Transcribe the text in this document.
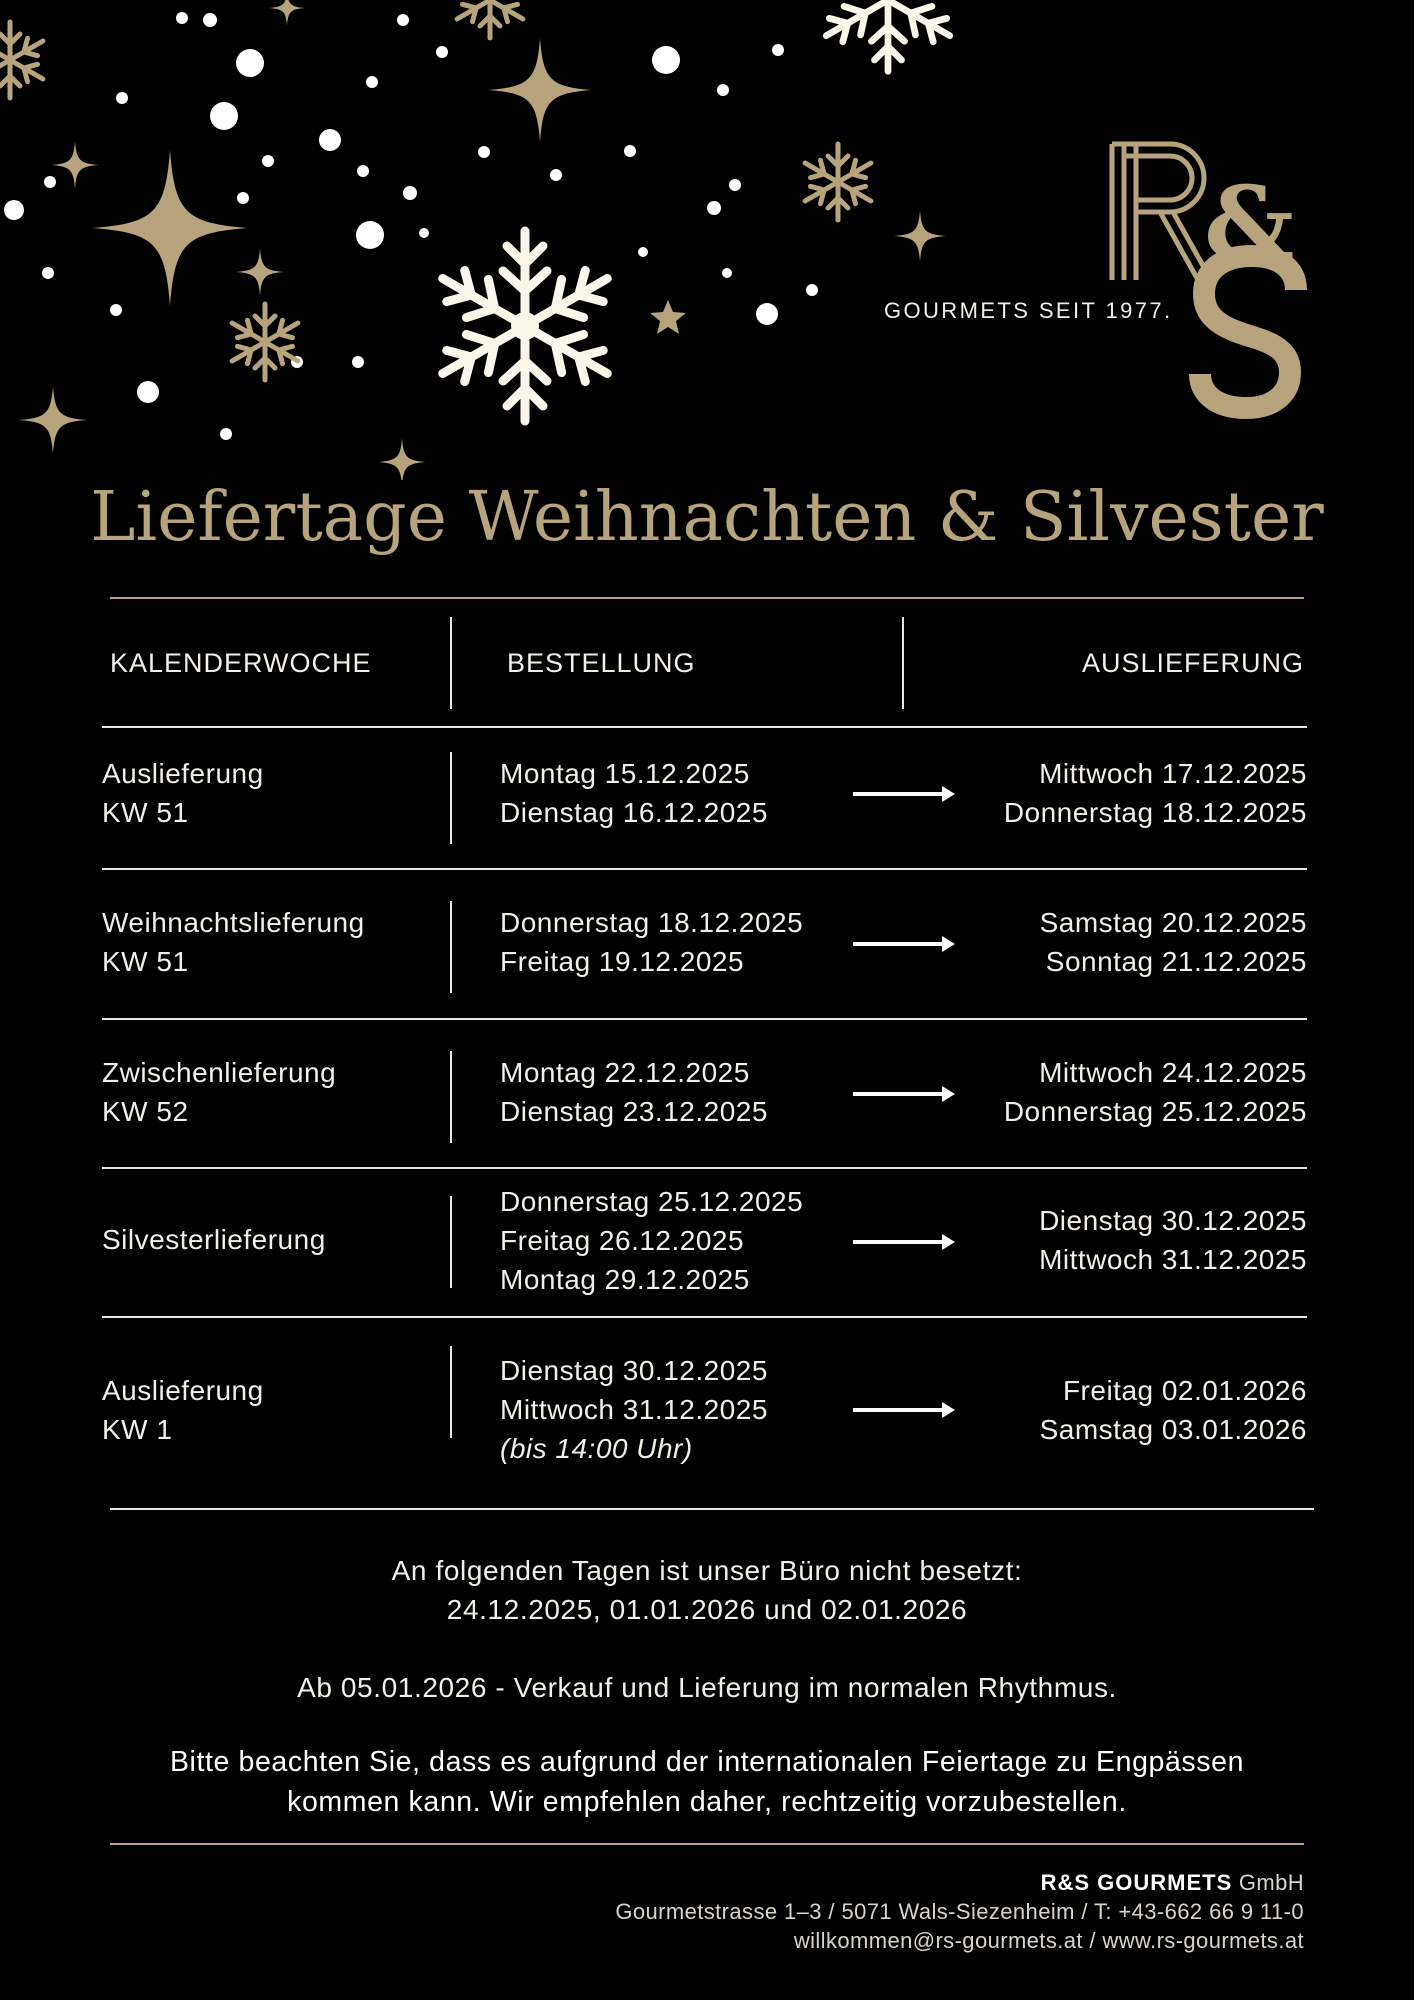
&
GOURMETS SEIT 1977.
Liefertage Weihnachten & Silvester
KALENDERWOCHE	BESTELLUNG	AUSLIEFERUNG
Auslieferung
KW 51
Montag 15.12.2025
Dienstag 16.12.2025
Mittwoch 17.12.2025
Donnerstag 18.12.2025
Weihnachtslieferung
KW 51
Donnerstag 18.12.2025
Freitag 19.12.2025
Samstag 20.12.2025
Sonntag 21.12.2025
Zwischenlieferung
KW 52
Montag 22.12.2025
Dienstag 23.12.2025
Mittwoch 24.12.2025
Donnerstag 25.12.2025
Silvesterlieferung
Donnerstag 25.12.2025
Freitag 26.12.2025
Montag 29.12.2025
Dienstag 30.12.2025
Mittwoch 31.12.2025
Auslieferung
KW 1
Dienstag 30.12.2025
Mittwoch 31.12.2025
(bis 14:00 Uhr)
Freitag 02.01.2026
Samstag 03.01.2026
An folgenden Tagen ist unser Büro nicht besetzt:
24.12.2025, 01.01.2026 und 02.01.2026
Ab 05.01.2026 - Verkauf und Lieferung im normalen Rhythmus.
Bitte beachten Sie, dass es aufgrund der internationalen Feiertage zu Engpässen
kommen kann. Wir empfehlen daher, rechtzeitig vorzubestellen.
R&S GOURMETS GmbH
Gourmetstrasse 1–3 / 5071 Wals-Siezenheim / T: +43-662 66 9 11-0
willkommen@rs-gourmets.at / www.rs-gourmets.at
